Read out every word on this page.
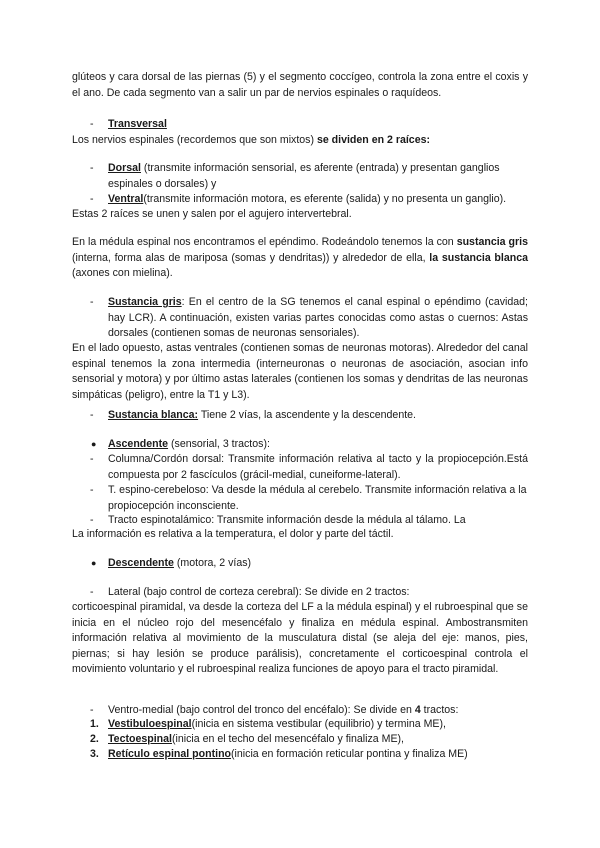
glúteos y cara dorsal de las piernas (5) y el segmento coccígeo, controla la zona entre el coxis y el ano. De cada segmento van a salir un par de nervios espinales o raquídeos.

- Transversal

Los nervios espinales (recordemos que son mixtos) se dividen en 2 raíces:

- Dorsal (transmite información sensorial, es aferente (entrada) y presentan ganglios espinales o dorsales) y

- Ventral(transmite información motora, es eferente (salida) y no presenta un ganglio).

Estas 2 raíces se unen y salen por el agujero intervertebral.

En la médula espinal nos encontramos el epéndimo. Rodeándolo tenemos la con sustancia gris (interna, forma alas de mariposa (somas y dendritas)) y alrededor de ella, la sustancia blanca (axones con mielina).

- Sustancia gris: En el centro de la SG tenemos el canal espinal o epéndimo (cavidad; hay LCR). A continuación, existen varias partes conocidas como astas o cuernos: Astas dorsales (contienen somas de neuronas sensoriales).

En el lado opuesto, astas ventrales (contienen somas de neuronas motoras). Alrededor del canal espinal tenemos la zona intermedia (interneuronas o neuronas de asociación, asocian info sensorial y motora) y por último astas laterales (contienen los somas y dendritas de las neuronas simpáticas (peligro), entre la T1 y L3).

- Sustancia blanca: Tiene 2 vías, la ascendente y la descendente.

● Ascendente (sensorial, 3 tractos):

- Columna/Cordón dorsal: Transmite información relativa al tacto y la propiocepción.Está compuesta por 2 fascículos (grácil-medial, cuneiforme-lateral).

- T. espino-cerebeloso: Va desde la médula al cerebelo. Transmite información relativa a la propiocepción inconsciente.

- Tracto espinotalámico: Transmite información desde la médula al tálamo. La

La información es relativa a la temperatura, el dolor y parte del táctil.

● Descendente (motora, 2 vías)

- Lateral (bajo control de corteza cerebral): Se divide en 2 tractos:

corticoespinal piramidal, va desde la corteza del LF a la médula espinal) y el rubroespinal que se inicia en el núcleo rojo del mesencéfalo y finaliza en médula espinal. Ambostransmiten información relativa al movimiento de la musculatura distal (se aleja del eje: manos, pies, piernas; si hay lesión se produce parálisis), concretamente el corticoespinal controla el movimiento voluntario y el rubroespinal realiza funciones de apoyo para el tracto piramidal.

- Ventro-medial (bajo control del tronco del encéfalo): Se divide en 4 tractos:

1. Vestibuloespinal(inicia en sistema vestibular (equilibrio) y termina ME),

2. Tectoespinal(inicia en el techo del mesencéfalo y finaliza ME),

3. Retículo espinal pontino(inicia en formación reticular pontina y finaliza ME)
